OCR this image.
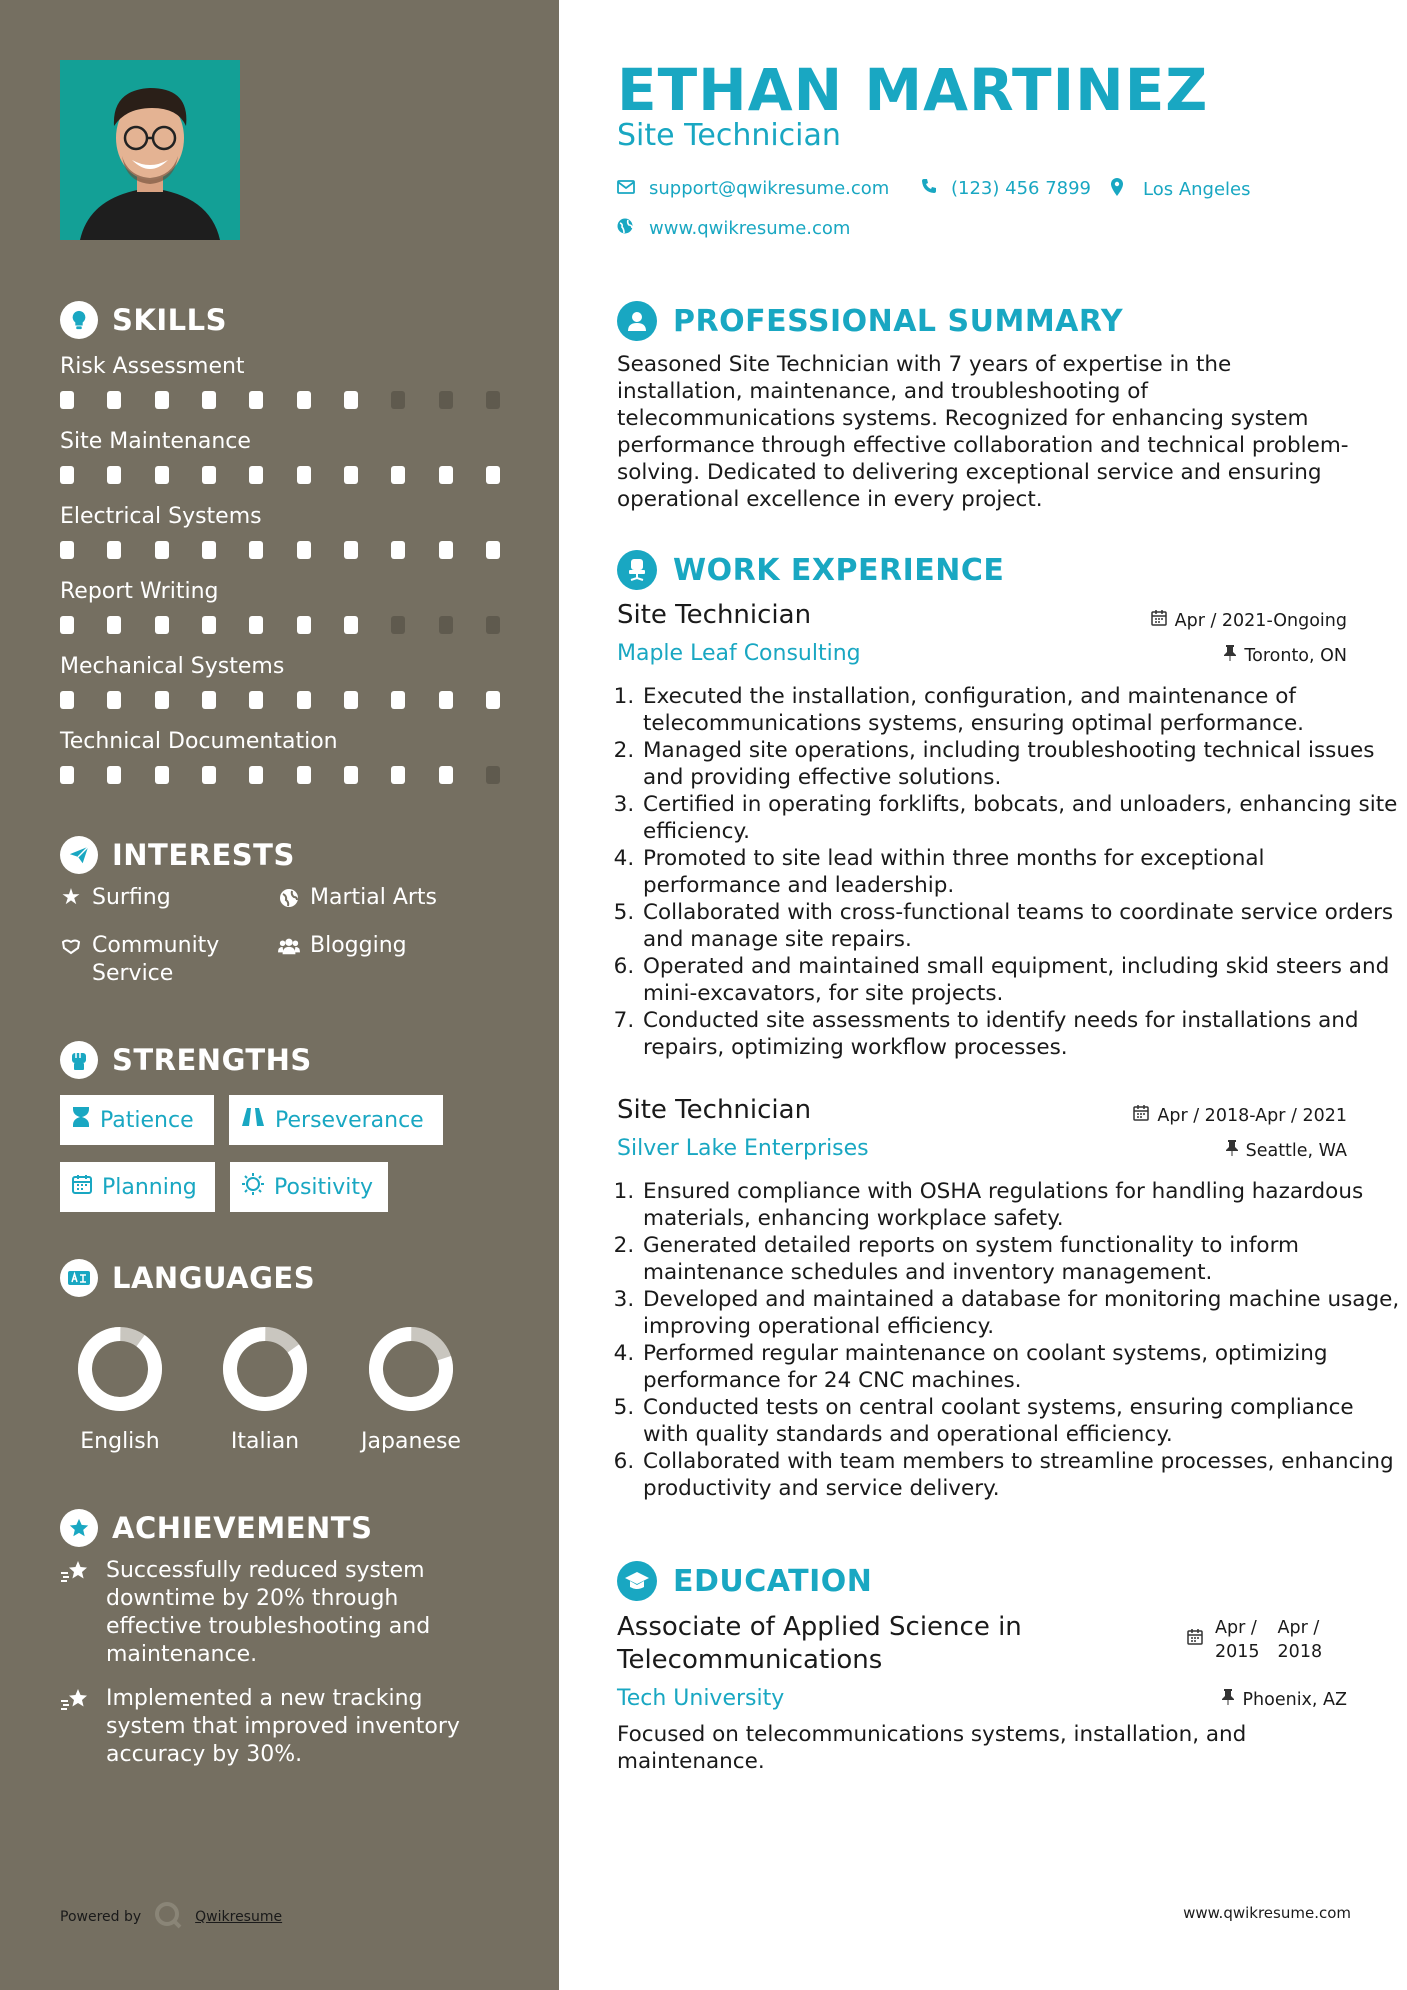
SKILLS
Risk Assessment
Site Maintenance
Electrical Systems
Report Writing
Mechanical Systems
Technical Documentation
INTERESTS
★ Surfing	Martial Arts
Community Service
Blogging
STRENGTHS
Patience	Perseverance
Planning	Positivity
LANGUAGES
English	Italian	Japanese
ACHIEVEMENTS
Successfully reduced system downtime by 20% through effective troubleshooting and maintenance.
Implemented a new tracking system that improved inventory accuracy by 30%.
Powered by	Qwikresume
ETHAN MARTINEZ
Site Technician
support@qwikresume.com	(123) 456 7899	Los Angeles
www.qwikresume.com
PROFESSIONAL SUMMARY
Seasoned Site Technician with 7 years of expertise in the installation, maintenance, and troubleshooting of telecommunications systems. Recognized for enhancing system performance through effective collaboration and technical problem-solving. Dedicated to delivering exceptional service and ensuring operational excellence in every project.
WORK EXPERIENCE
Site Technician	Apr / 2021-Ongoing
Maple Leaf Consulting	Toronto, ON
1. Executed the installation, configuration, and maintenance of telecommunications systems, ensuring optimal performance.
2. Managed site operations, including troubleshooting technical issues and providing effective solutions.
3. Certified in operating forklifts, bobcats, and unloaders, enhancing site efficiency.
4. Promoted to site lead within three months for exceptional performance and leadership.
5. Collaborated with cross-functional teams to coordinate service orders and manage site repairs.
6. Operated and maintained small equipment, including skid steers and mini-excavators, for site projects.
7. Conducted site assessments to identify needs for installations and repairs, optimizing workflow processes.
Site Technician	Apr / 2018-Apr / 2021
Silver Lake Enterprises	Seattle, WA
1. Ensured compliance with OSHA regulations for handling hazardous materials, enhancing workplace safety.
2. Generated detailed reports on system functionality to inform maintenance schedules and inventory management.
3. Developed and maintained a database for monitoring machine usage, improving operational efficiency.
4. Performed regular maintenance on coolant systems, optimizing performance for 24 CNC machines.
5. Conducted tests on central coolant systems, ensuring compliance with quality standards and operational efficiency.
6. Collaborated with team members to streamline processes, enhancing productivity and service delivery.
EDUCATION
Associate of Applied Science in
Telecommunications
Apr /
2015
Apr /
2018
Tech University	Phoenix, AZ
Focused on telecommunications systems, installation, and maintenance.
www.qwikresume.com
